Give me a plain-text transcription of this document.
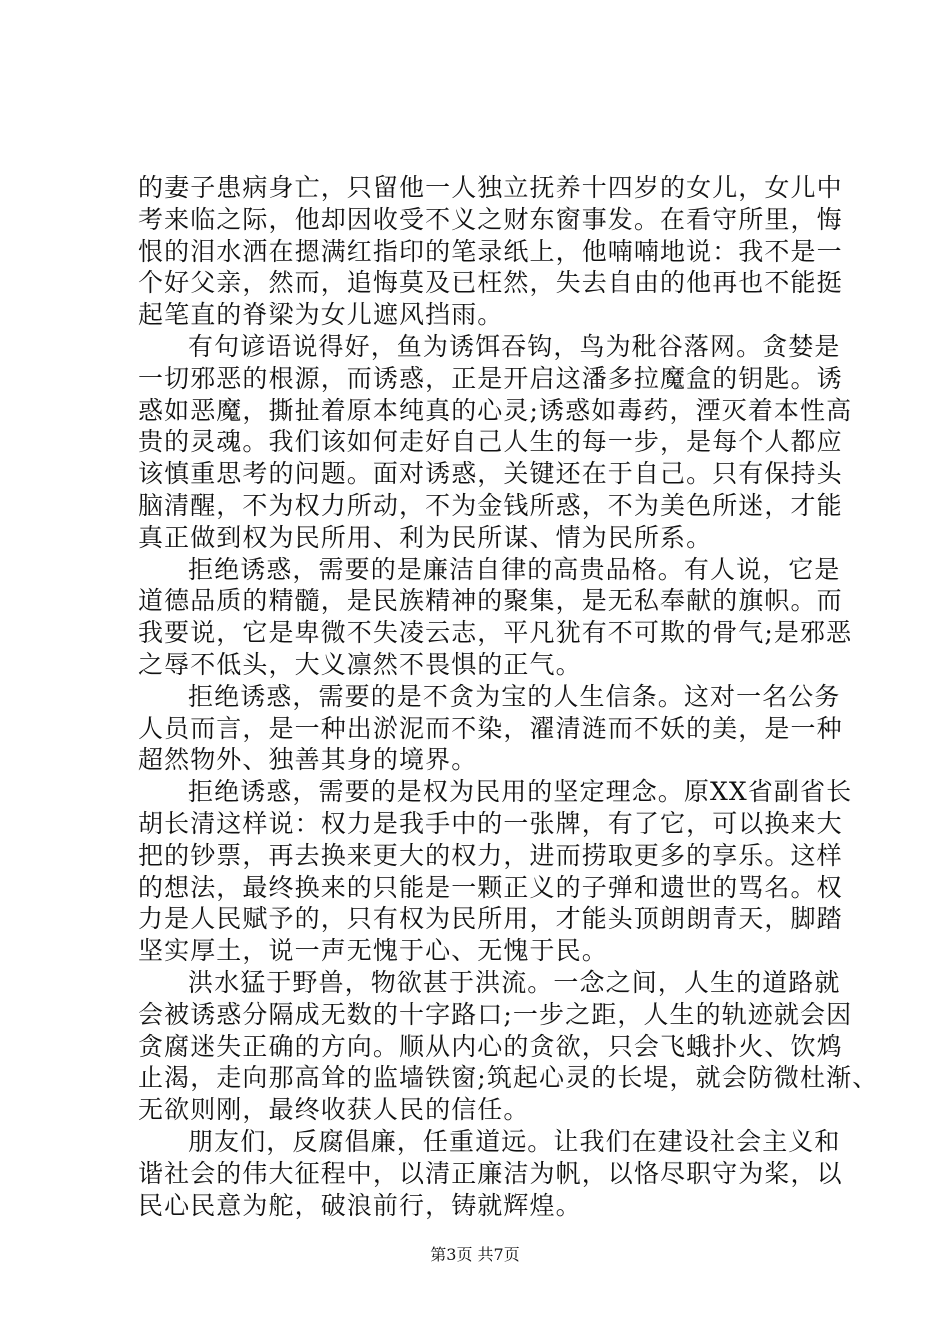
的妻子患病身亡，只留他一人独立抚养十四岁的女儿，女儿中
考来临之际，他却因收受不义之财东窗事发。在看守所里，悔
恨的泪水洒在摁满红指印的笔录纸上，他喃喃地说：我不是一
个好父亲，然而，追悔莫及已枉然，失去自由的他再也不能挺
起笔直的脊梁为女儿遮风挡雨。

有句谚语说得好，鱼为诱饵吞钩，鸟为秕谷落网。贪婪是
一切邪恶的根源，而诱惑，正是开启这潘多拉魔盒的钥匙。诱
惑如恶魔，撕扯着原本纯真的心灵;诱惑如毒药，湮灭着本性高
贵的灵魂。我们该如何走好自己人生的每一步，是每个人都应
该慎重思考的问题。面对诱惑，关键还在于自己。只有保持头
脑清醒，不为权力所动，不为金钱所惑，不为美色所迷，才能
真正做到权为民所用、利为民所谋、情为民所系。

拒绝诱惑，需要的是廉洁自律的高贵品格。有人说，它是
道德品质的精髓，是民族精神的聚集，是无私奉献的旗帜。而
我要说，它是卑微不失凌云志，平凡犹有不可欺的骨气;是邪恶
之辱不低头，大义凛然不畏惧的正气。

拒绝诱惑，需要的是不贪为宝的人生信条。这对一名公务
人员而言，是一种出淤泥而不染，濯清涟而不妖的美，是一种
超然物外、独善其身的境界。

拒绝诱惑，需要的是权为民用的坚定理念。原XX省副省长
胡长清这样说：权力是我手中的一张牌，有了它，可以换来大
把的钞票，再去换来更大的权力，进而捞取更多的享乐。这样
的想法，最终换来的只能是一颗正义的子弹和遗世的骂名。权
力是人民赋予的，只有权为民所用，才能头顶朗朗青天，脚踏
坚实厚土，说一声无愧于心、无愧于民。

洪水猛于野兽，物欲甚于洪流。一念之间，人生的道路就
会被诱惑分隔成无数的十字路口;一步之距，人生的轨迹就会因
贪腐迷失正确的方向。顺从内心的贪欲，只会飞蛾扑火、饮鸩
止渴，走向那高耸的监墙铁窗;筑起心灵的长堤，就会防微杜渐、
无欲则刚，最终收获人民的信任。

朋友们，反腐倡廉，任重道远。让我们在建设社会主义和
谐社会的伟大征程中，以清正廉洁为帆，以恪尽职守为桨，以
民心民意为舵，破浪前行，铸就辉煌。

第3页 共7页
